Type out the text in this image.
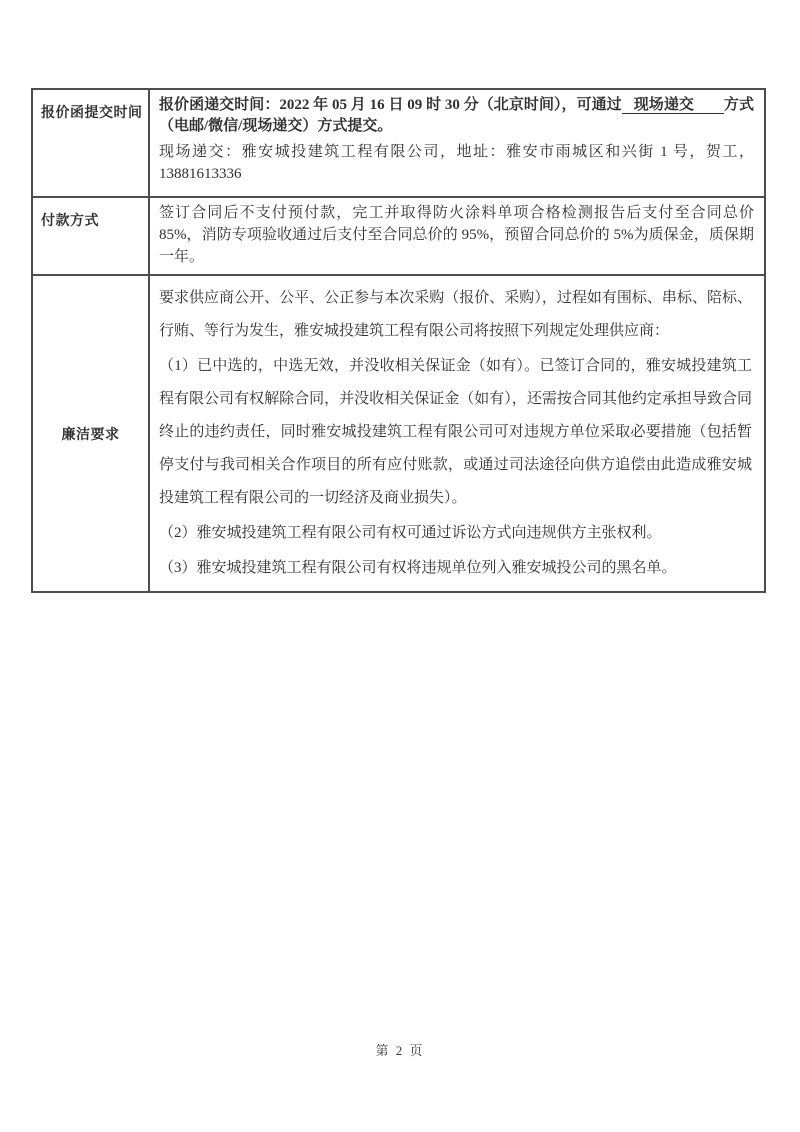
报价函提交时间	报价函递交时间：2022 年 05 月 16 日 09 时 30 分（北京时间），可通过 现场递交 方式（电邮/微信/现场递交）方式提交。

现场递交：雅安城投建筑工程有限公司，地址：雅安市雨城区和兴街 1 号，贺工，13881613336

付款方式	签订合同后不支付预付款，完工并取得防火涂料单项合格检测报告后支付至合同总价 85%，消防专项验收通过后支付至合同总价的 95%，预留合同总价的 5%为质保金，质保期一年。
廉洁要求	要求供应商公开、公平、公正参与本次采购（报价、采购），过程如有围标、串标、陪标、行贿、等行为发生，雅安城投建筑工程有限公司将按照下列规定处理供应商：

（1）已中选的，中选无效，并没收相关保证金（如有）。已签订合同的，雅安城投建筑工程有限公司有权解除合同，并没收相关保证金（如有），还需按合同其他约定承担导致合同终止的违约责任，同时雅安城投建筑工程有限公司可对违规方单位采取必要措施（包括暂停支付与我司相关合作项目的所有应付账款，或通过司法途径向供方追偿由此造成雅安城投建筑工程有限公司的一切经济及商业损失）。

（2）雅安城投建筑工程有限公司有权可通过诉讼方式向违规供方主张权利。

（3）雅安城投建筑工程有限公司有权将违规单位列入雅安城投公司的黑名单。

第 2 页
